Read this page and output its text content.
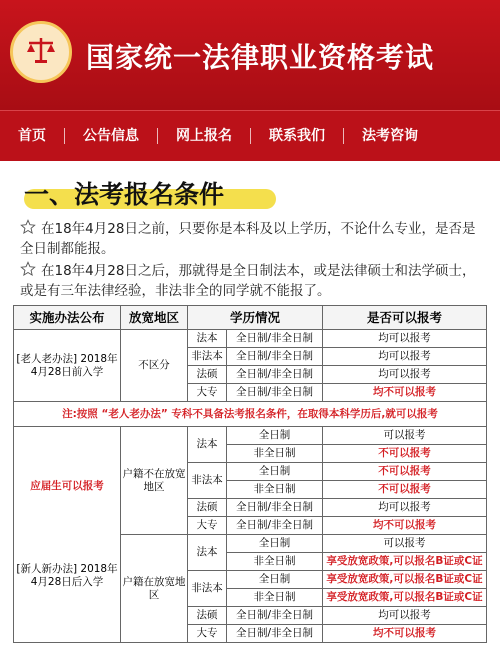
国家统一法律职业资格考试
首页	公告信息	网上报名	联系我们	法考咨询
一、法考报名条件
在18年4月28日之前，只要你是本科及以上学历，不论什么专业，是否是全日制都能报。
在18年4月28日之后，那就得是全日制法本，或是法律硕士和法学硕士，或是有三年法律经验，非法非全的同学就不能报了。
实施办法公布	放宽地区	学历情况		是否可以报考
[老人老办法] 2018年4月28日前入学	不区分	法本	全日制/非全日制	均可以报考
		非法本	全日制/非全日制	均可以报考
		法硕	全日制/非全日制	均可以报考
		大专	全日制/非全日制	均不可以报考
注:按照 “老人老办法” 专科不具备法考报名条件，在取得本科学历后,就可以报考				

应届生可以报考
[新人新办法] 2018年4月28日后入学	户籍不在放宽地区	法本	全日制	可以报考
			非全日制	不可以报考
		非法本	全日制	不可以报考
			非全日制	不可以报考
		法硕	全日制/非全日制	均可以报考
		大专	全日制/非全日制	均不可以报考
	户籍在放宽地区	法本	全日制	可以报考
			非全日制	享受放宽政策,可以报名B证或C证
		非法本	全日制	享受放宽政策,可以报名B证或C证
			非全日制	享受放宽政策,可以报名B证或C证
		法硕	全日制/非全日制	均可以报考
		大专	全日制/非全日制	均不可以报考
